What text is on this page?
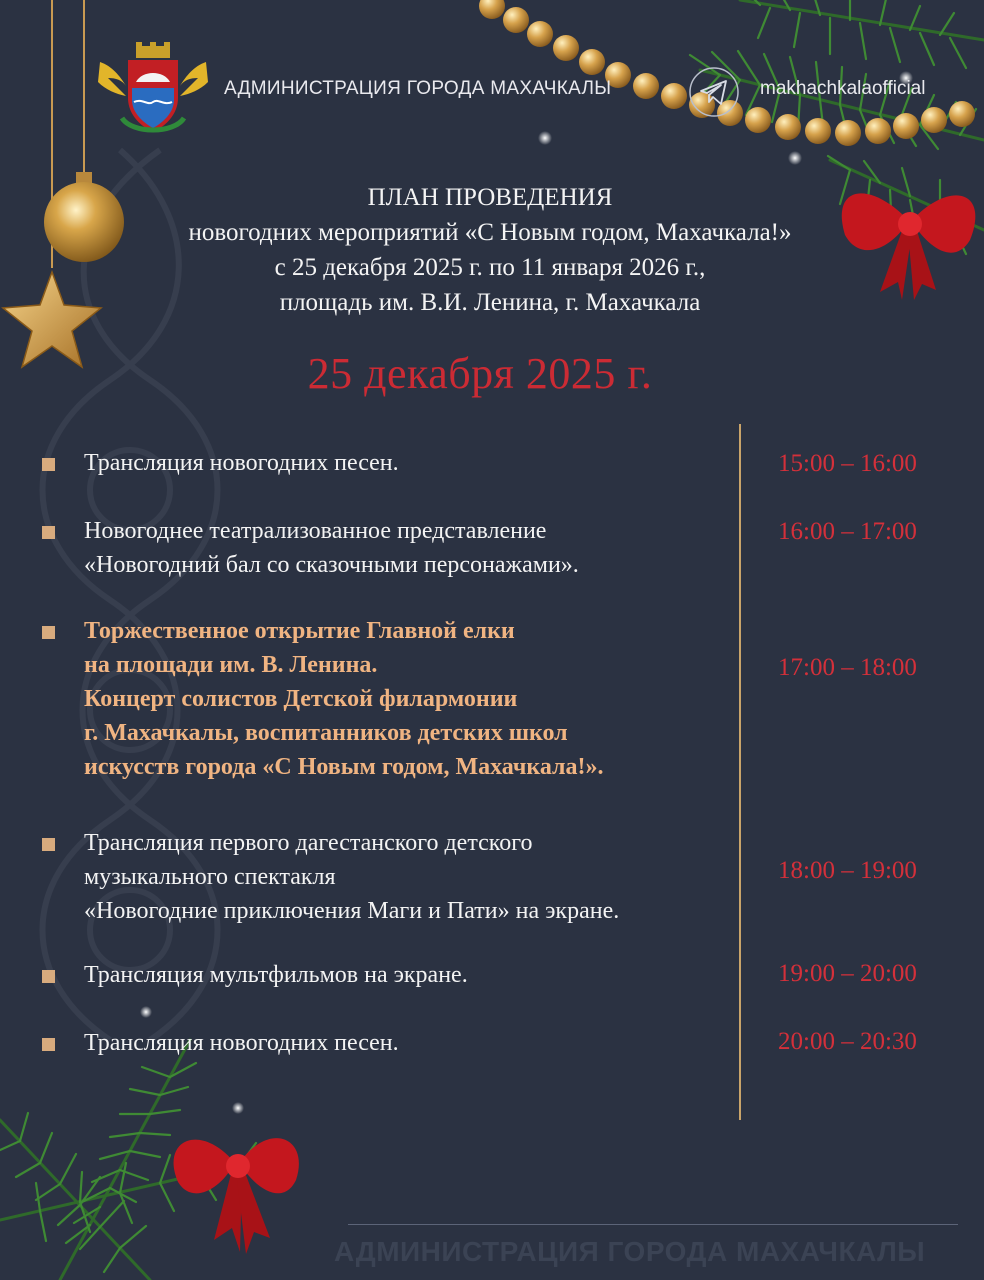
АДМИНИСТРАЦИЯ ГОРОДА МАХАЧКАЛЫ	makhachkalaofficial
ПЛАН ПРОВЕДЕНИЯ
новогодних мероприятий «С Новым годом, Махачкала!»
с 25 декабря 2025 г. по 11 января 2026 г.,
площадь им. В.И. Ленина, г. Махачкала
25 декабря 2025 г.
Трансляция новогодних песен.	15:00 – 16:00
Новогоднее театрализованное представление
«Новогодний бал со сказочными персонажами».
16:00 – 17:00
Торжественное открытие Главной елки
на площади им. В. Ленина.
Концерт солистов Детской филармонии
г. Махачкалы, воспитанников детских школ
искусств города «С Новым годом, Махачкала!».
17:00 – 18:00
Трансляция первого дагестанского детского
музыкального спектакля
«Новогодние приключения Маги и Пати» на экране.
18:00 – 19:00
Трансляция мультфильмов на экране.	19:00 – 20:00
Трансляция новогодних песен.	20:00 – 20:30
АДМИНИСТРАЦИЯ ГОРОДА МАХАЧКАЛЫ
